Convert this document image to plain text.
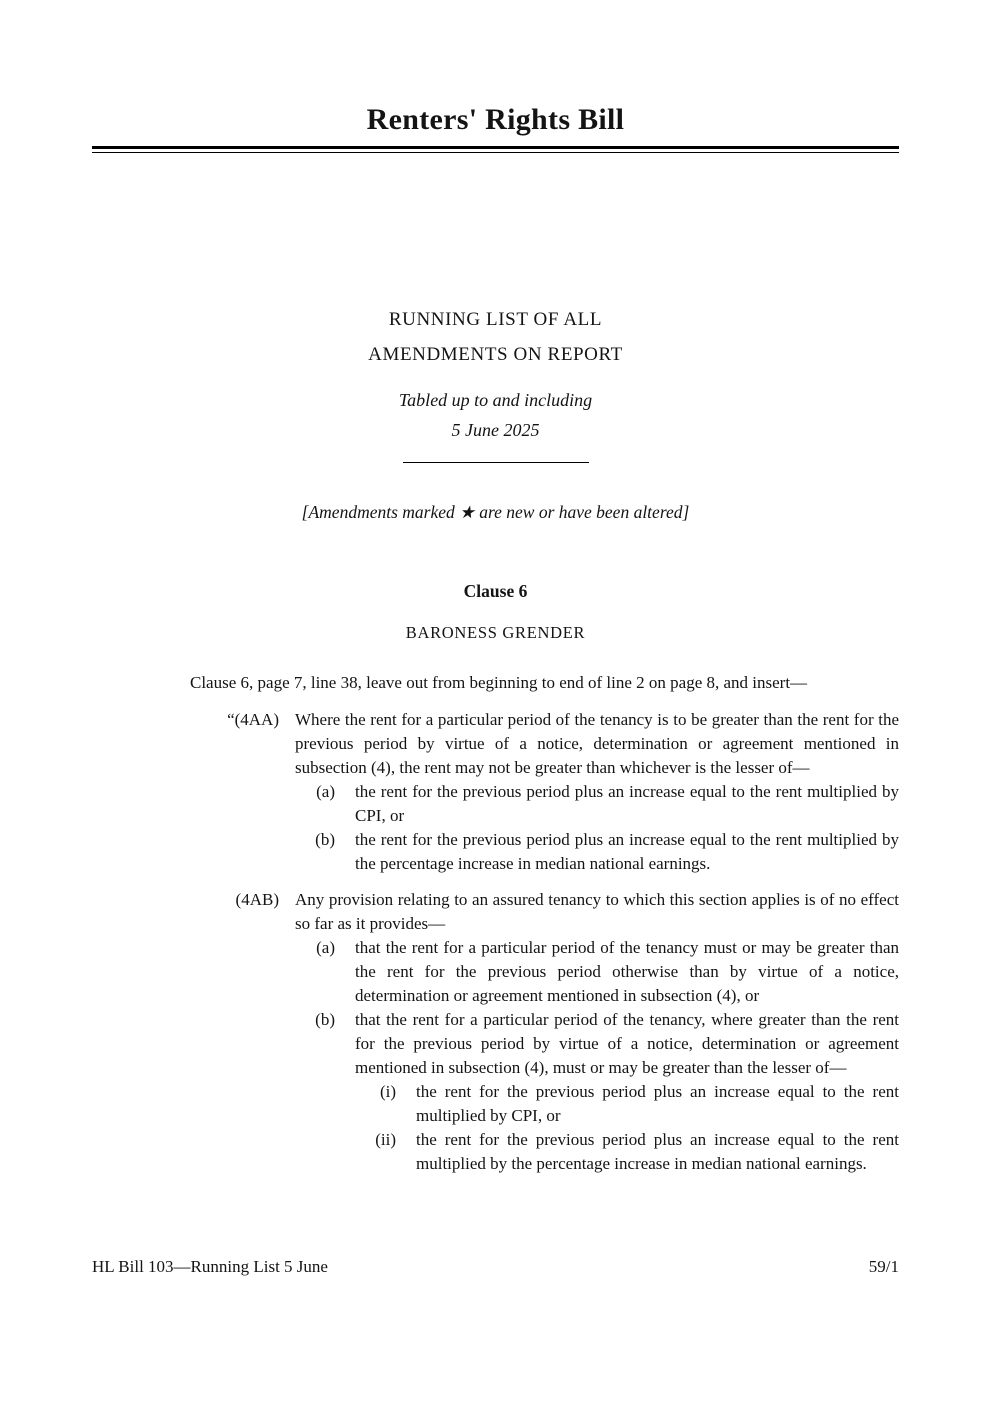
Renters' Rights Bill
RUNNING LIST OF ALL
AMENDMENTS ON REPORT
Tabled up to and including
5 June 2025
[Amendments marked ★ are new or have been altered]
Clause 6
BARONESS GRENDER
Clause 6, page 7, line 38, leave out from beginning to end of line 2 on page 8, and insert—
“(4AA) Where the rent for a particular period of the tenancy is to be greater than the rent for the previous period by virtue of a notice, determination or agreement mentioned in subsection (4), the rent may not be greater than whichever is the lesser of—
(a) the rent for the previous period plus an increase equal to the rent multiplied by CPI, or
(b) the rent for the previous period plus an increase equal to the rent multiplied by the percentage increase in median national earnings.
(4AB) Any provision relating to an assured tenancy to which this section applies is of no effect so far as it provides—
(a) that the rent for a particular period of the tenancy must or may be greater than the rent for the previous period otherwise than by virtue of a notice, determination or agreement mentioned in subsection (4), or
(b) that the rent for a particular period of the tenancy, where greater than the rent for the previous period by virtue of a notice, determination or agreement mentioned in subsection (4), must or may be greater than the lesser of—
(i) the rent for the previous period plus an increase equal to the rent multiplied by CPI, or
(ii) the rent for the previous period plus an increase equal to the rent multiplied by the percentage increase in median national earnings.
HL Bill 103—Running List 5 June	59/1
